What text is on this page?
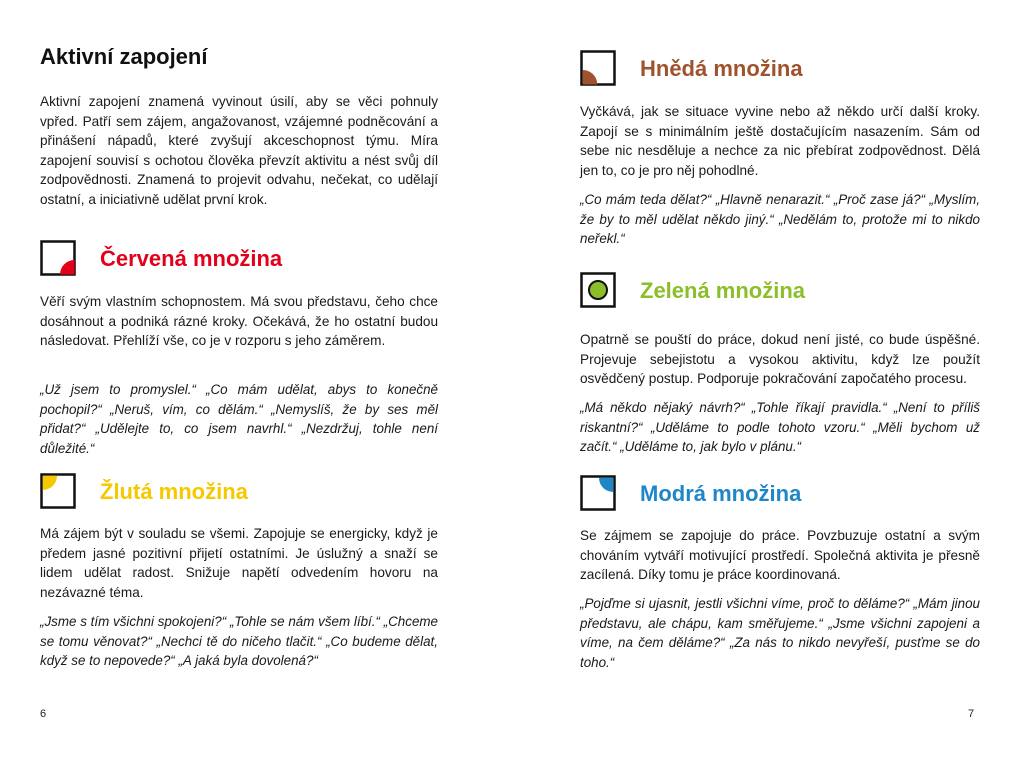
Aktivní zapojení

Aktivní zapojení znamená vyvinout úsilí, aby se věci pohnuly vpřed. Patří sem zájem, angažovanost, vzájemné podněcování a přinášení nápadů, které zvyšují akceschopnost týmu. Míra zapojení souvisí s ochotou člověka převzít aktivitu a nést svůj díl zodpovědnosti. Znamená to projevit odvahu, nečekat, co udělají ostatní, a iniciativně udělat první krok.

Červená množina

Věří svým vlastním schopnostem. Má svou představu, čeho chce dosáhnout a podniká rázné kroky. Očekává, že ho ostatní budou následovat. Přehlíží vše, co je v rozporu s jeho záměrem.

„Už jsem to promyslel.“ „Co mám udělat, abys to konečně pochopil?“ „Neruš, vím, co dělám.“ „Nemyslíš, že by ses měl přidat?“ „Udělejte to, co jsem navrhl.“ „Nezdržuj, tohle není důležité.“

Žlutá množina

Má zájem být v souladu se všemi. Zapojuje se energicky, když je předem jasné pozitivní přijetí ostatními. Je úslužný a snaží se lidem udělat radost. Snižuje napětí odvedením hovoru na nezávazné téma.

„Jsme s tím všichni spokojeni?“ „Tohle se nám všem líbí.“ „Chceme se tomu věnovat?“ „Nechci tě do ničeho tlačit.“ „Co budeme dělat, když se to nepovede?“ „A jaká byla dovolená?“

6
Hnědá množina

Vyčkává, jak se situace vyvine nebo až někdo určí další kroky. Zapojí se s minimálním ještě dostačujícím nasazením. Sám od sebe nic nesděluje a nechce za nic přebírat zodpovědnost. Dělá jen to, co je pro něj pohodlné.

„Co mám teda dělat?“ „Hlavně nenarazit.“ „Proč zase já?“ „Myslím, že by to měl udělat někdo jiný.“ „Nedělám to, protože mi to nikdo neřekl.“

Zelená množina

Opatrně se pouští do práce, dokud není jisté, co bude úspěšné. Projevuje sebejistotu a vysokou aktivitu, když lze použít osvědčený postup. Podporuje pokračování započatého procesu.

„Má někdo nějaký návrh?“ „Tohle říkají pravidla.“ „Není to příliš riskantní?“ „Uděláme to podle tohoto vzoru.“ „Měli bychom už začít.“ „Uděláme to, jak bylo v plánu.“

Modrá množina

Se zájmem se zapojuje do práce. Povzbuzuje ostatní a svým chováním vytváří motivující prostředí. Společná aktivita je přesně zacílená. Díky tomu je práce koordinovaná.

„Pojďme si ujasnit, jestli všichni víme, proč to děláme?“ „Mám jinou představu, ale chápu, kam směřujeme.“ „Jsme všichni zapojeni a víme, na čem děláme?“ „Za nás to nikdo nevyřeší, pusťme se do toho.“

7
